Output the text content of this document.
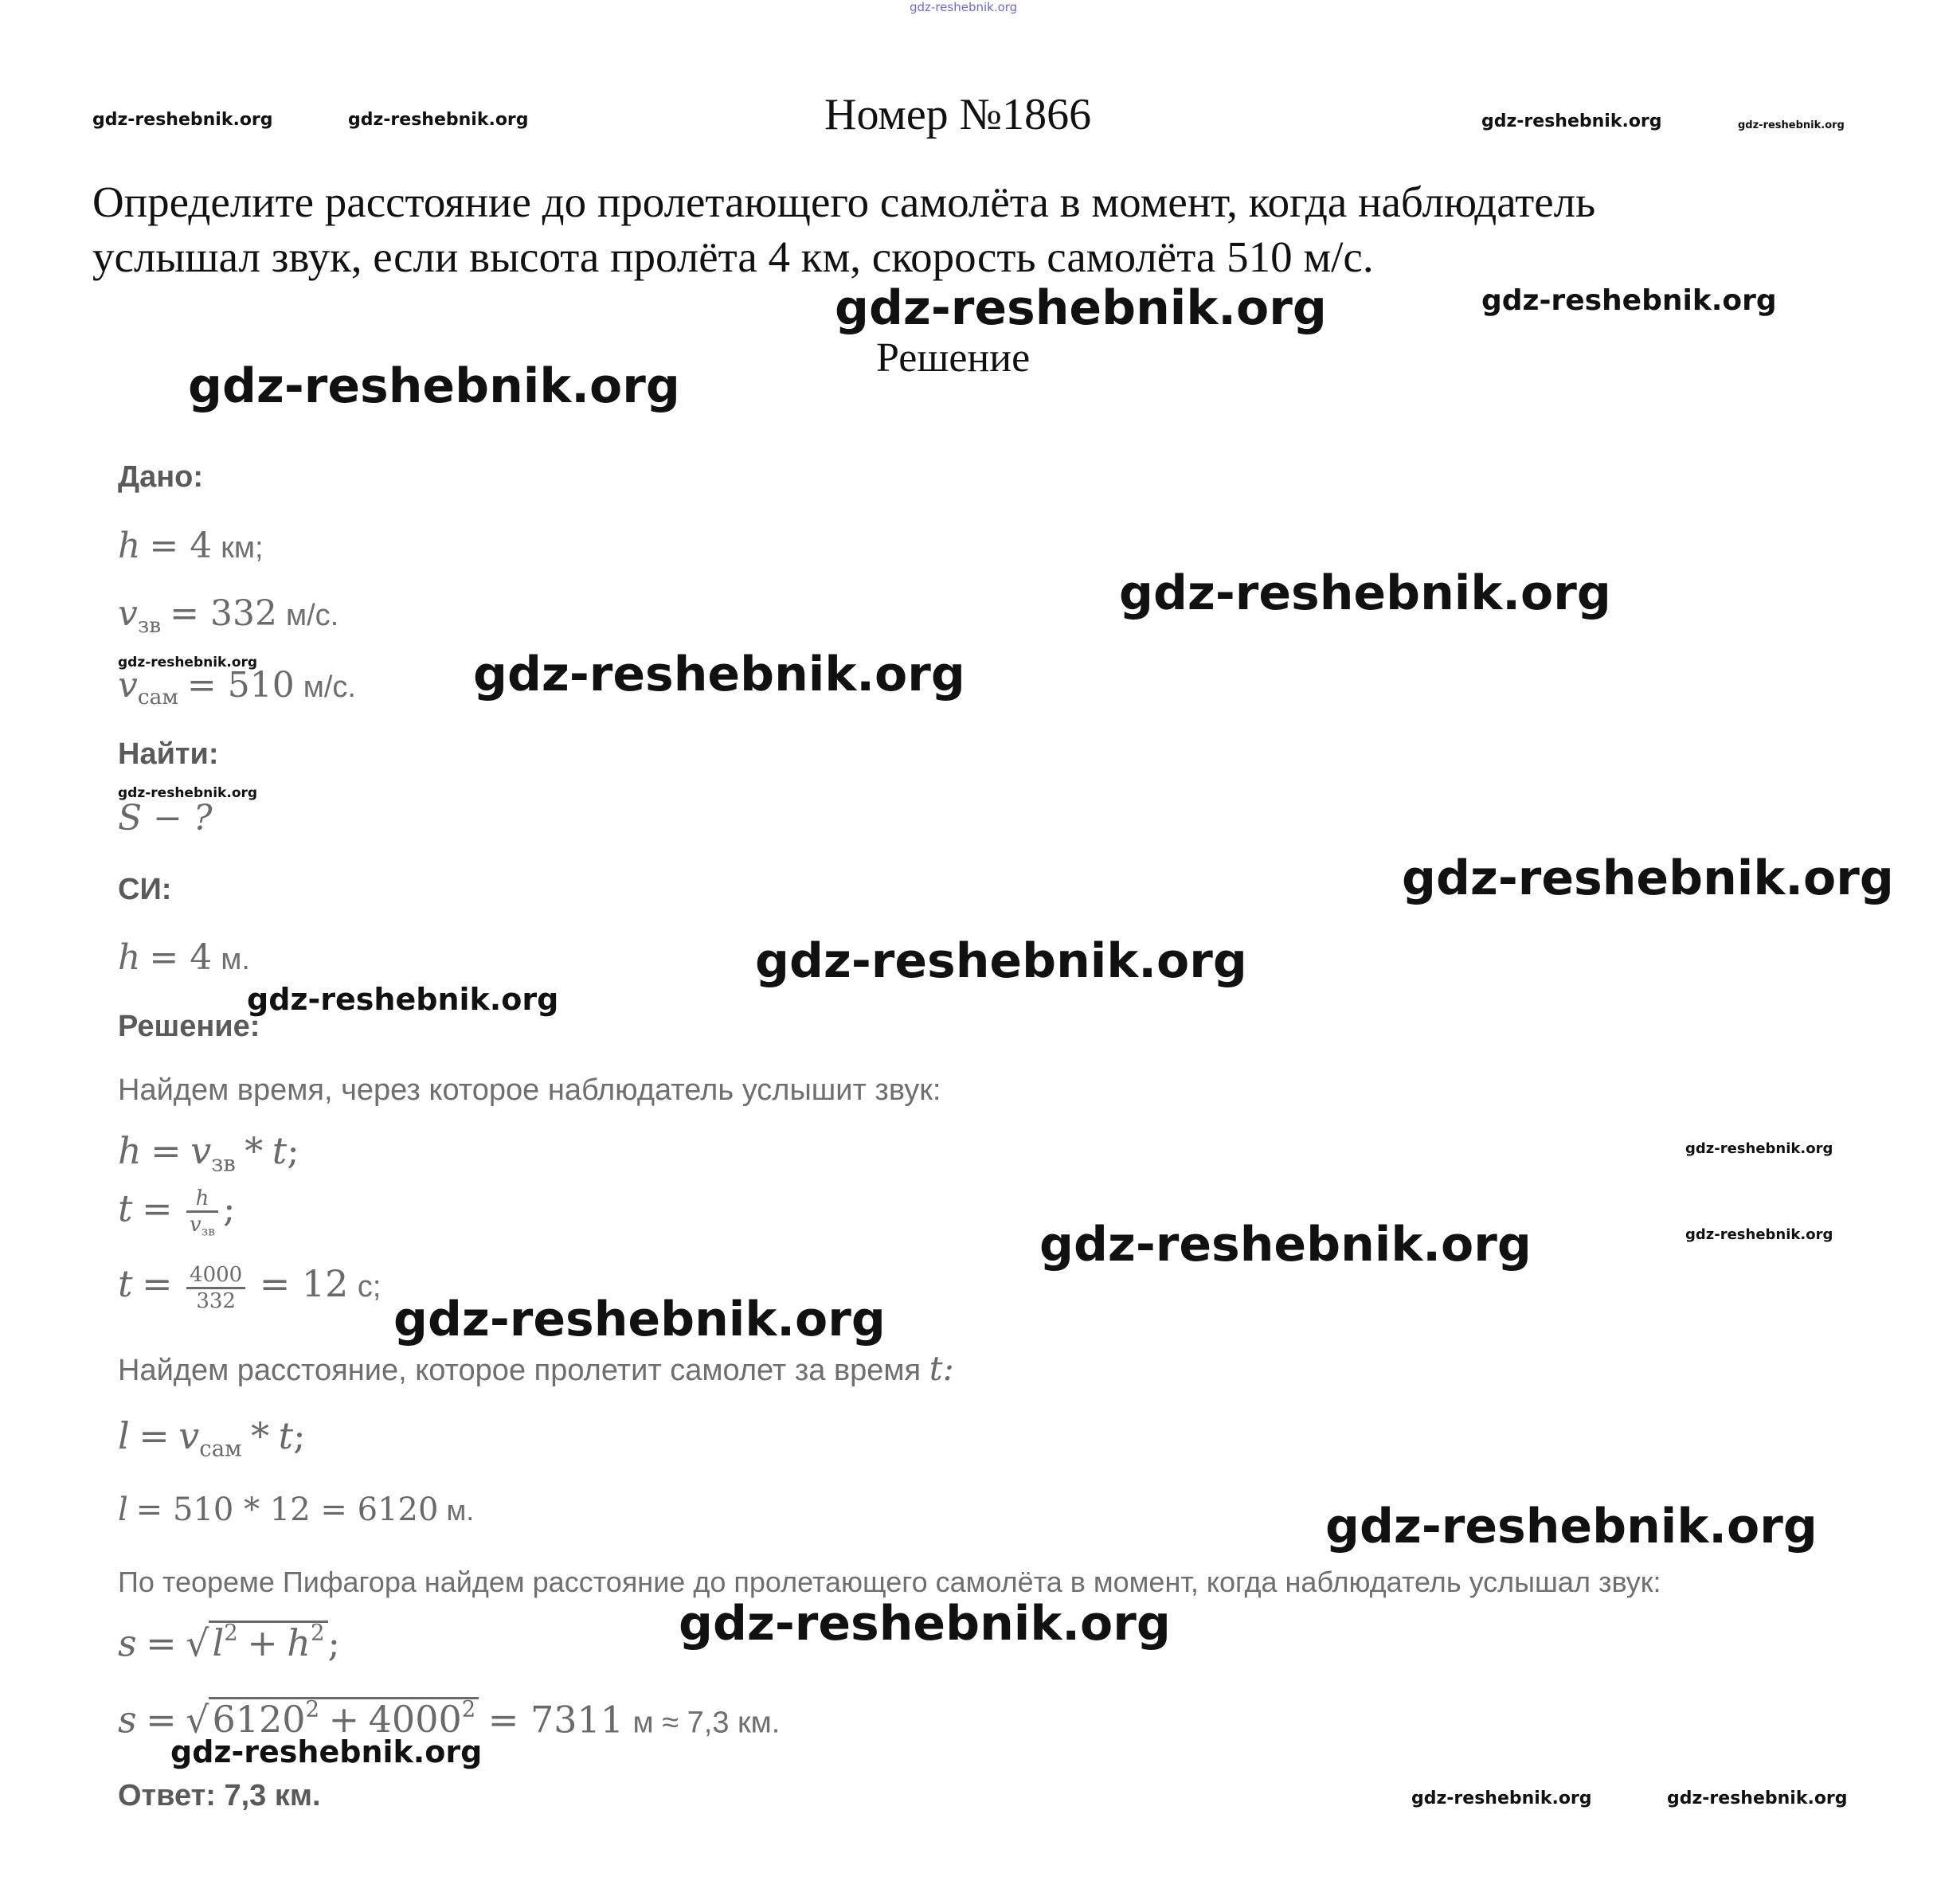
gdz-reshebnik.org
gdz-reshebnik.org	gdz-reshebnik.org	Номер №1866	gdz-reshebnik.org	gdz-reshebnik.org
Определите расстояние до пролетающего самолёта в момент, когда наблюдатель
услышал звук, если высота пролёта 4 км, скорость самолёта 510 м/с.
gdz-reshebnik.org	gdz-reshebnik.org
Решение
gdz-reshebnik.org
Дано:
h = 4 км;
gdz-reshebnik.org
$v_{зв} = 332$ м/с.
gdz-reshebnik.org	gdz-reshebnik.org
$v_{сам} = 510$ м/с.
Найти:
gdz-reshebnik.org
S − ?
СИ:	gdz-reshebnik.org
h = 4 м.	gdz-reshebnik.org
gdz-reshebnik.org
Решение:
Найдем время, через которое наблюдатель услышит звук:
$h = v_{зв} * t$;	gdz-reshebnik.org
$t = \frac{h}{v_{зв}}$ ;
gdz-reshebnik.org	gdz-reshebnik.org
$t = \frac{4000}{332} = 12$ с;
gdz-reshebnik.org
Найдем расстояние, которое пролетит самолет за время t:
$l = v_{сам} * t$;
l = 510 * 12 = 6120 м.	gdz-reshebnik.org
По теореме Пифагора найдем расстояние до пролетающего самолёта в момент, когда наблюдатель услышал звук:
$s = √l^2 + h^2$;	gdz-reshebnik.org
$s = √6120^2 + 4000^2 = 7311$ м ≈ 7,3 км.
gdz-reshebnik.org
Ответ: 7,3 км.	gdz-reshebnik.org	gdz-reshebnik.org
